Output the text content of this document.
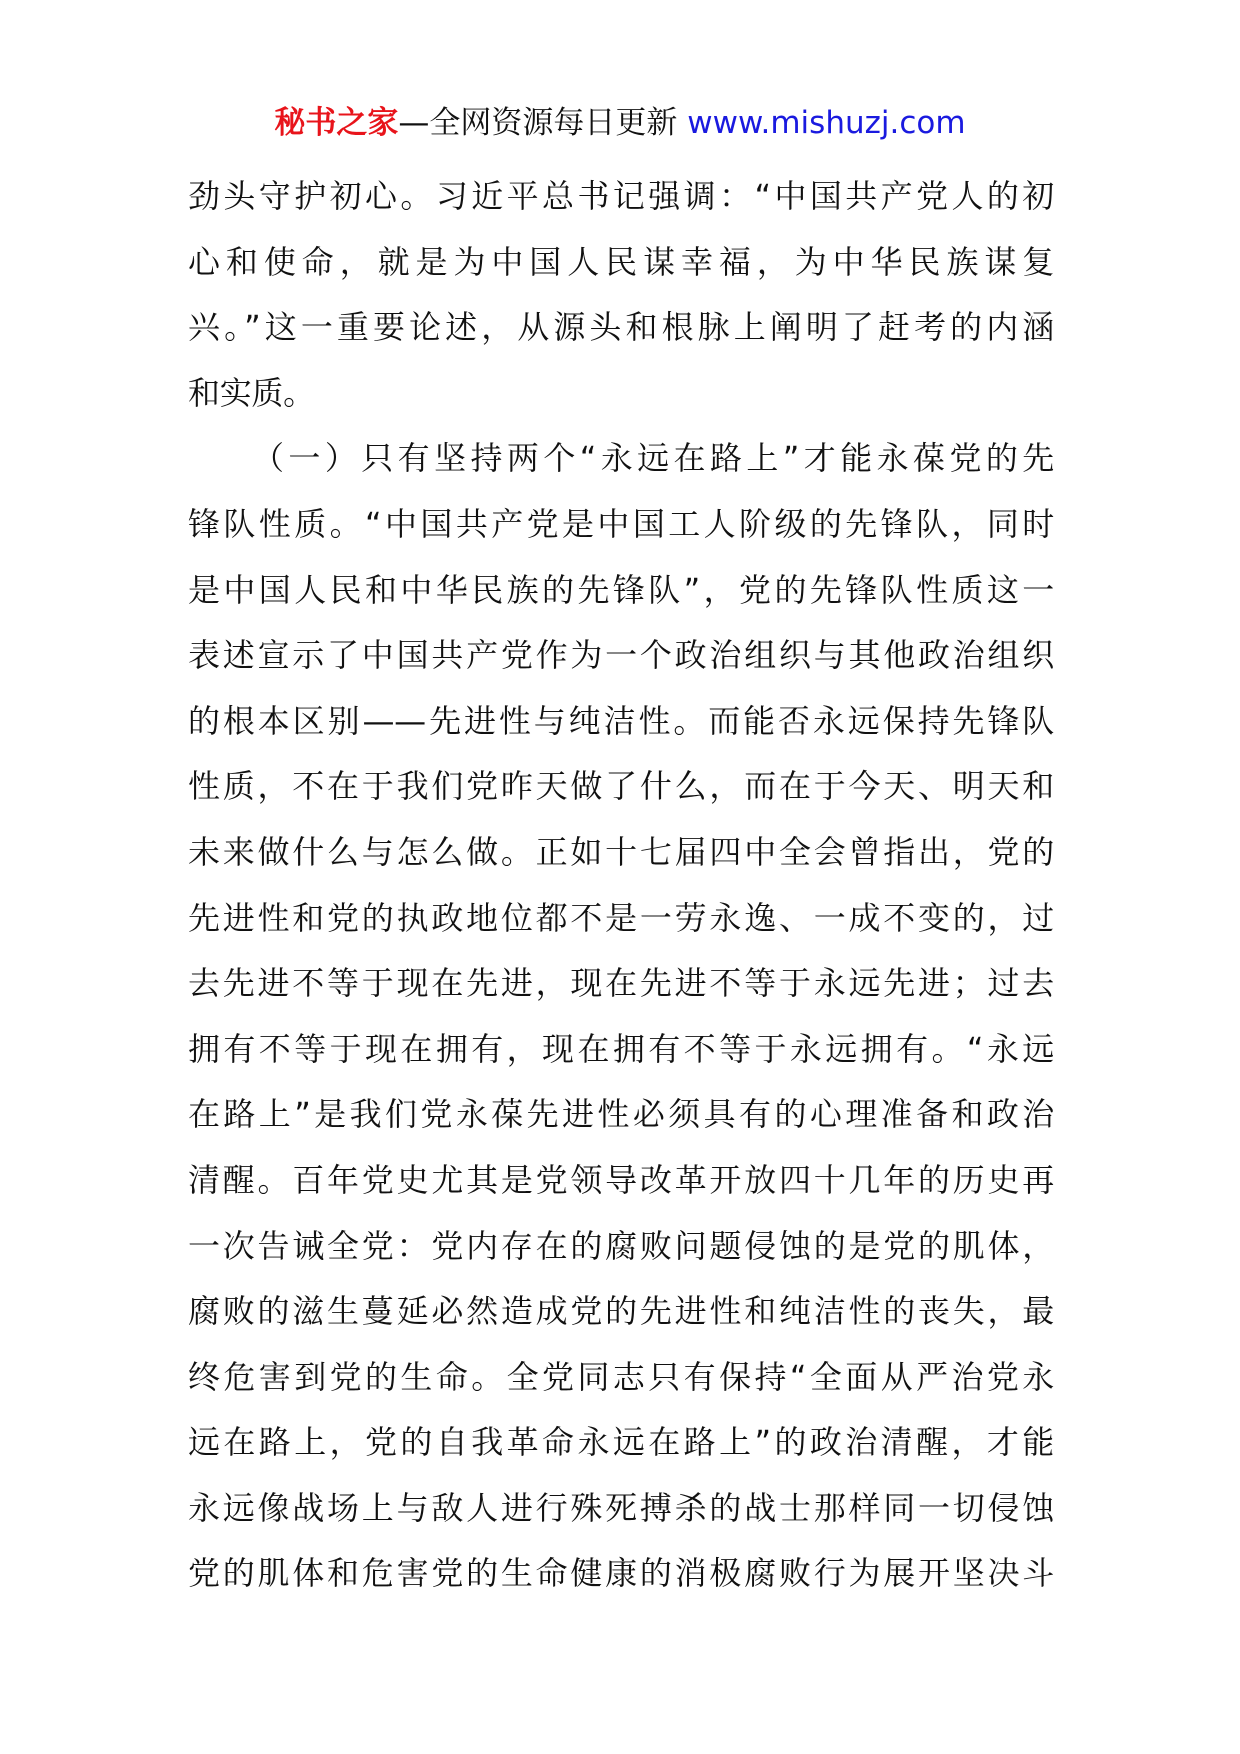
秘书之家—全网资源每日更新 www.mishuzj.com
劲头守护初心。习近平总书记强调：“中国共产党人的初
心和使命，就是为中国人民谋幸福，为中华民族谋复
兴。”这一重要论述，从源头和根脉上阐明了赶考的内涵
和实质。
（一）只有坚持两个“永远在路上”才能永葆党的先
锋队性质。“中国共产党是中国工人阶级的先锋队，同时
是中国人民和中华民族的先锋队”，党的先锋队性质这一
表述宣示了中国共产党作为一个政治组织与其他政治组织
的根本区别——先进性与纯洁性。而能否永远保持先锋队
性质，不在于我们党昨天做了什么，而在于今天、明天和
未来做什么与怎么做。正如十七届四中全会曾指出，党的
先进性和党的执政地位都不是一劳永逸、一成不变的，过
去先进不等于现在先进，现在先进不等于永远先进；过去
拥有不等于现在拥有，现在拥有不等于永远拥有。“永远
在路上”是我们党永葆先进性必须具有的心理准备和政治
清醒。百年党史尤其是党领导改革开放四十几年的历史再
一次告诫全党：党内存在的腐败问题侵蚀的是党的肌体，
腐败的滋生蔓延必然造成党的先进性和纯洁性的丧失，最
终危害到党的生命。全党同志只有保持“全面从严治党永
远在路上，党的自我革命永远在路上”的政治清醒，才能
永远像战场上与敌人进行殊死搏杀的战士那样同一切侵蚀
党的肌体和危害党的生命健康的消极腐败行为展开坚决斗
